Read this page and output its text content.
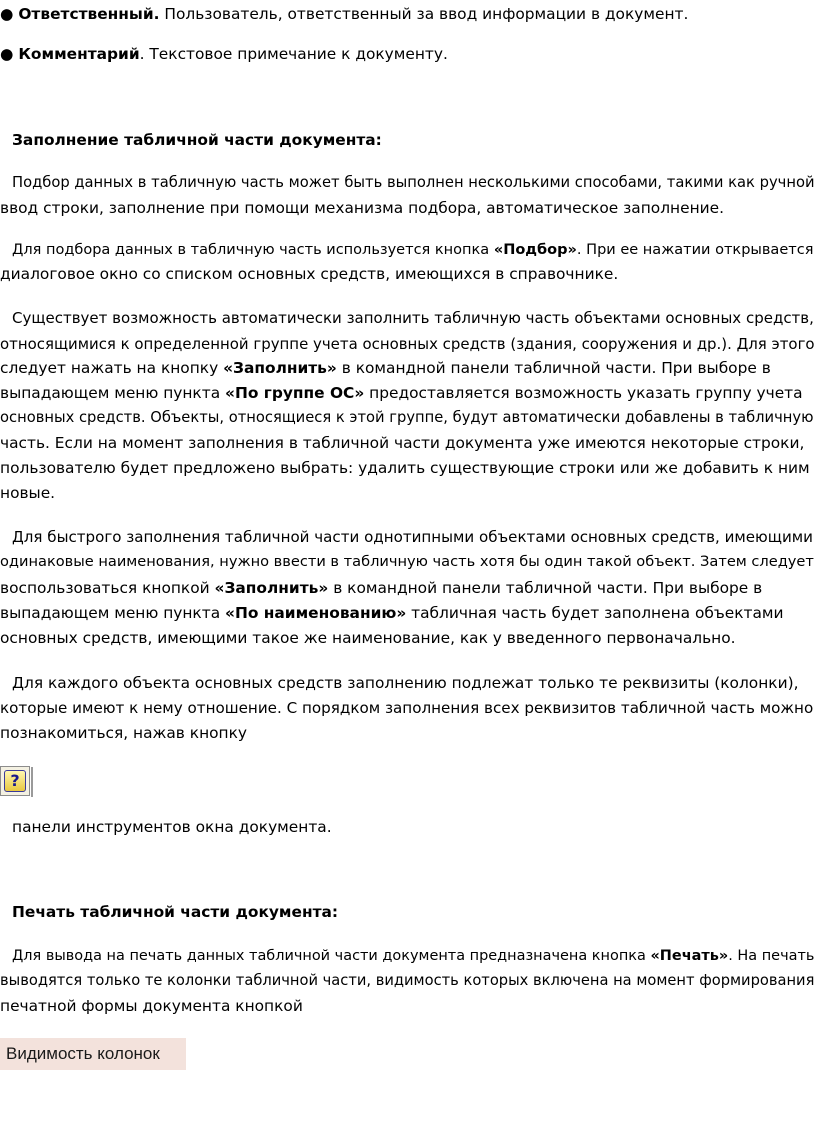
● Ответственный. Пользователь, ответственный за ввод информации в документ.
● Комментарий. Текстовое примечание к документу.
Заполнение табличной части документа:
Подбор данных в табличную часть может быть выполнен несколькими способами, такими как ручной
ввод строки, заполнение при помощи механизма подбора, автоматическое заполнение.
Для подбора данных в табличную часть используется кнопка «Подбор». При ее нажатии открывается
диалоговое окно со списком основных средств, имеющихся в справочнике.
Существует возможность автоматически заполнить табличную часть объектами основных средств,
относящимися к определенной группе учета основных средств (здания, сооружения и др.). Для этого
следует нажать на кнопку «Заполнить» в командной панели табличной части. При выборе в
выпадающем меню пункта «По группе ОС» предоставляется возможность указать группу учета
основных средств. Объекты, относящиеся к этой группе, будут автоматически добавлены в табличную
часть. Если на момент заполнения в табличной части документа уже имеются некоторые строки,
пользователю будет предложено выбрать: удалить существующие строки или же добавить к ним
новые.
Для быстрого заполнения табличной части однотипными объектами основных средств, имеющими
одинаковые наименования, нужно ввести в табличную часть хотя бы один такой объект. Затем следует
воспользоваться кнопкой «Заполнить» в командной панели табличной части. При выборе в
выпадающем меню пункта «По наименованию» табличная часть будет заполнена объектами
основных средств, имеющими такое же наименование, как у введенного первоначально.
Для каждого объекта основных средств заполнению подлежат только те реквизиты (колонки),
которые имеют к нему отношение. С порядком заполнения всех реквизитов табличной часть можно
познакомиться, нажав кнопку
?
панели инструментов окна документа.
Печать табличной части документа:
Для вывода на печать данных табличной части документа предназначена кнопка «Печать». На печать
выводятся только те колонки табличной части, видимость которых включена на момент формирования
печатной формы документа кнопкой
Видимость колонок
